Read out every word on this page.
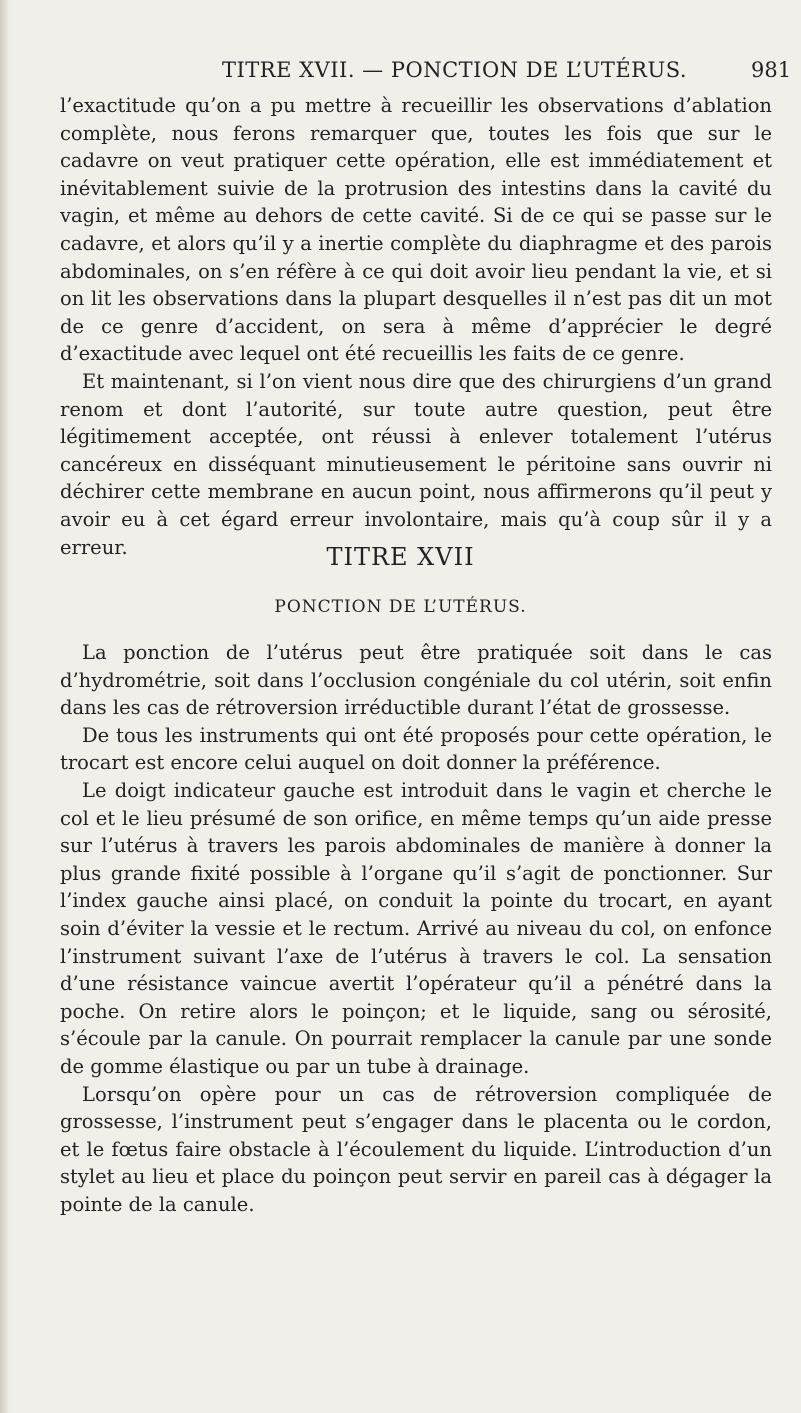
TITRE XVII. — PONCTION DE L’UTÉRUS.	981

l’exactitude qu’on a pu mettre à recueillir les observations d’ablation complète, nous ferons remarquer que, toutes les fois que sur le cadavre on veut pratiquer cette opération, elle est immédiatement et inévitablement suivie de la protrusion des intestins dans la cavité du vagin, et même au dehors de cette cavité. Si de ce qui se passe sur le cadavre, et alors qu’il y a inertie complète du diaphragme et des parois abdominales, on s’en réfère à ce qui doit avoir lieu pendant la vie, et si on lit les observations dans la plupart desquelles il n’est pas dit un mot de ce genre d’accident, on sera à même d’apprécier le degré d’exactitude avec lequel ont été recueillis les faits de ce genre.

Et maintenant, si l’on vient nous dire que des chirurgiens d’un grand renom et dont l’autorité, sur toute autre question, peut être légitimement acceptée, ont réussi à enlever totalement l’utérus cancéreux en disséquant minutieusement le péritoine sans ouvrir ni déchirer cette membrane en aucun point, nous affirmerons qu’il peut y avoir eu à cet égard erreur involontaire, mais qu’à coup sûr il y a erreur.	TITRE XVII
PONCTION DE L’UTÉRUS.

La ponction de l’utérus peut être pratiquée soit dans le cas d’hydrométrie, soit dans l’occlusion congéniale du col utérin, soit enfin dans les cas de rétroversion irréductible durant l’état de grossesse.

De tous les instruments qui ont été proposés pour cette opération, le trocart est encore celui auquel on doit donner la préférence.

Le doigt indicateur gauche est introduit dans le vagin et cherche le col et le lieu présumé de son orifice, en même temps qu’un aide presse sur l’utérus à travers les parois abdominales de manière à donner la plus grande fixité possible à l’organe qu’il s’agit de ponctionner. Sur l’index gauche ainsi placé, on conduit la pointe du trocart, en ayant soin d’éviter la vessie et le rectum. Arrivé au niveau du col, on enfonce l’instrument suivant l’axe de l’utérus à travers le col. La sensation d’une résistance vaincue avertit l’opérateur qu’il a pénétré dans la poche. On retire alors le poinçon; et le liquide, sang ou sérosité, s’écoule par la canule. On pourrait remplacer la canule par une sonde de gomme élastique ou par un tube à drainage.

Lorsqu’on opère pour un cas de rétroversion compliquée de grossesse, l’instrument peut s’engager dans le placenta ou le cordon, et le fœtus faire obstacle à l’écoulement du liquide. L’introduction d’un stylet au lieu et place du poinçon peut servir en pareil cas à dégager la pointe de la canule.
